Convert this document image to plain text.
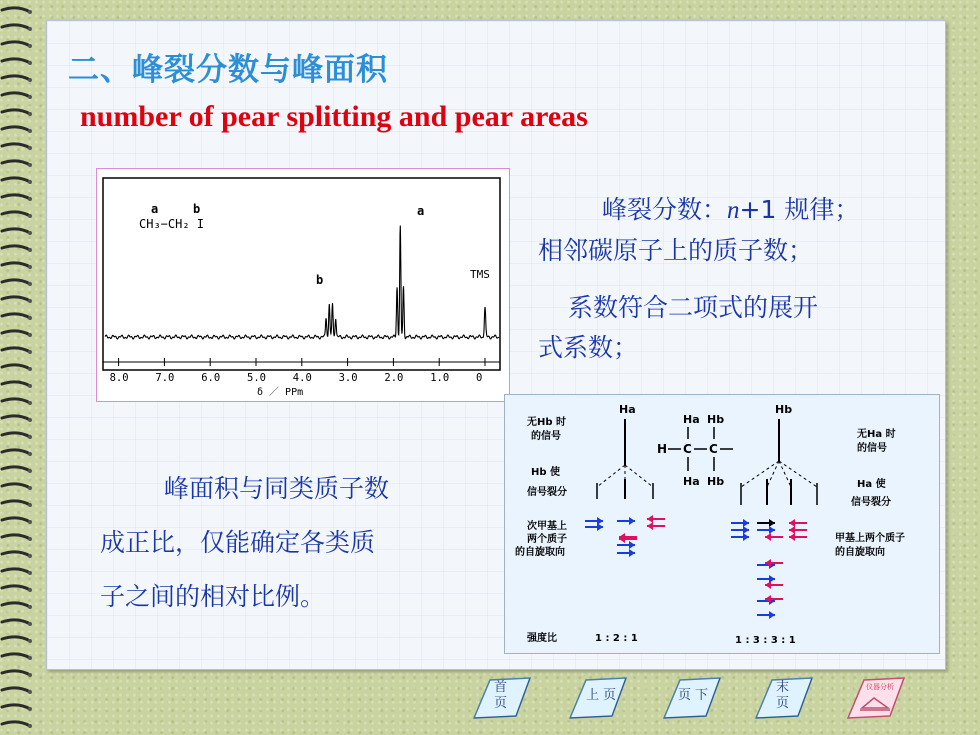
二、峰裂分数与峰面积
number of pear splitting and pear areas
a	b
CH₃−CH₂ I
b
a
TMS
8.0	7.0	6.0	5.0	4.0	3.0	2.0	1.0	0
δ ／ PPm

峰裂分数：n+1 规律；
相邻碳原子上的质子数；

系数符合二项式的展开
式系数；

峰面积与同类质子数
成正比，仅能确定各类质
子之间的相对比例。

无Hb 时
的信号
Hb 使
信号裂分
次甲基上
两个质子
的自旋取向
无Ha 时
的信号
Ha 使
信号裂分
甲基上两个质子
的自旋取向
Ha	Hb
Ha Hb
Ha Hb
H C C
强度比	1 : 2 : 1	1 : 3 : 3 : 1
首页
上页	页下
末页
仪器分析
